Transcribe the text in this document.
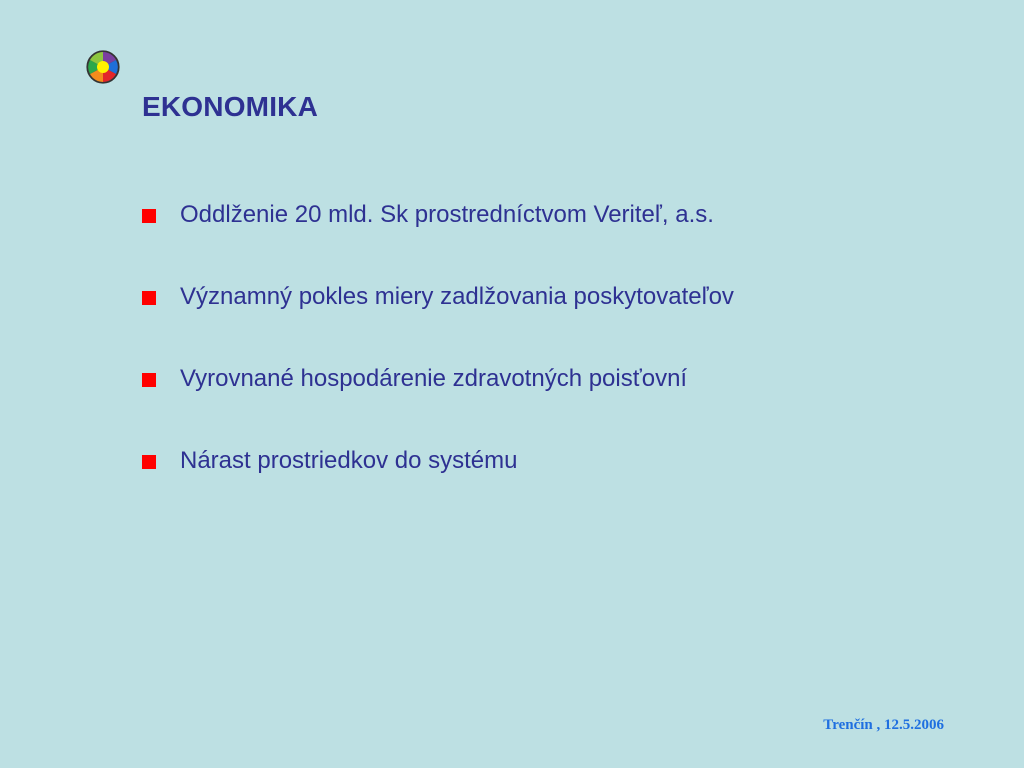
EKONOMIKA
Oddlženie 20 mld. Sk prostredníctvom Veriteľ, a.s.
Významný pokles miery zadlžovania poskytovateľov
Vyrovnané hospodárenie zdravotných poisťovní
Nárast prostriedkov do systému
Trenčín , 12.5.2006
